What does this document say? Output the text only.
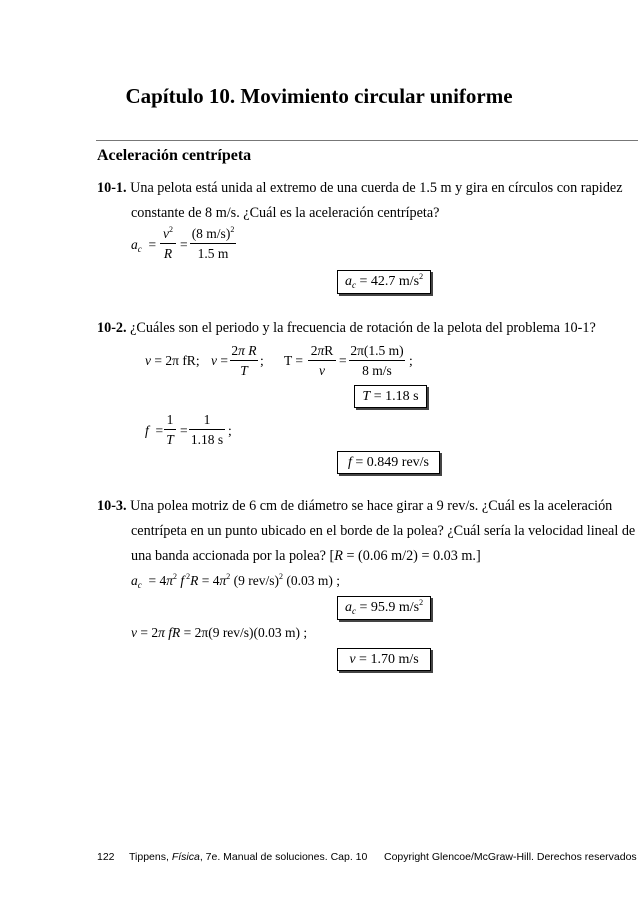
Capítulo 10. Movimiento circular uniforme
Aceleración centrípeta
10-1. Una pelota está unida al extremo de una cuerda de 1.5 m y gira en círculos con rapidez
constante de 8 m/s. ¿Cuál es la aceleración centrípeta?
$a_c$  =
$v^2$
R
=
(8 m/s)$^2$
1.5 m
$a_c = 42.7$ $m/s^2$
10-2. ¿Cuáles son el periodo y la frecuencia de rotación de la pelota del problema 10-1?
v = 2π fR; v =
2π R
T
; T =
2πR
v
=
2π(1.5 m)
8 m/s
;
T = 1.18 s
f  =
1
T
=
1
1.18 s
;
f = 0.849 rev/s
10-3. Una polea motriz de 6 cm de diámetro se hace girar a 9 rev/s. ¿Cuál es la aceleración
centrípeta en un punto ubicado en el borde de la polea? ¿Cuál sería la velocidad lineal de
una banda accionada por la polea? [R = (0.06 m/2) = 0.03 m.]
$a_c = 4\pi^2$ f $^2R = 4\pi^2$ (9 rev/s)$^2$ (0.03 m) ;
$a_c = 95.9$ $m/s^2$
v = 2π fR = 2π(9 rev/s)(0.03 m) ;
v = 1.70 m/s
122 Tippens, Física, 7e. Manual de soluciones. Cap. 10 Copyright Glencoe/McGraw-Hill. Derechos reservados
